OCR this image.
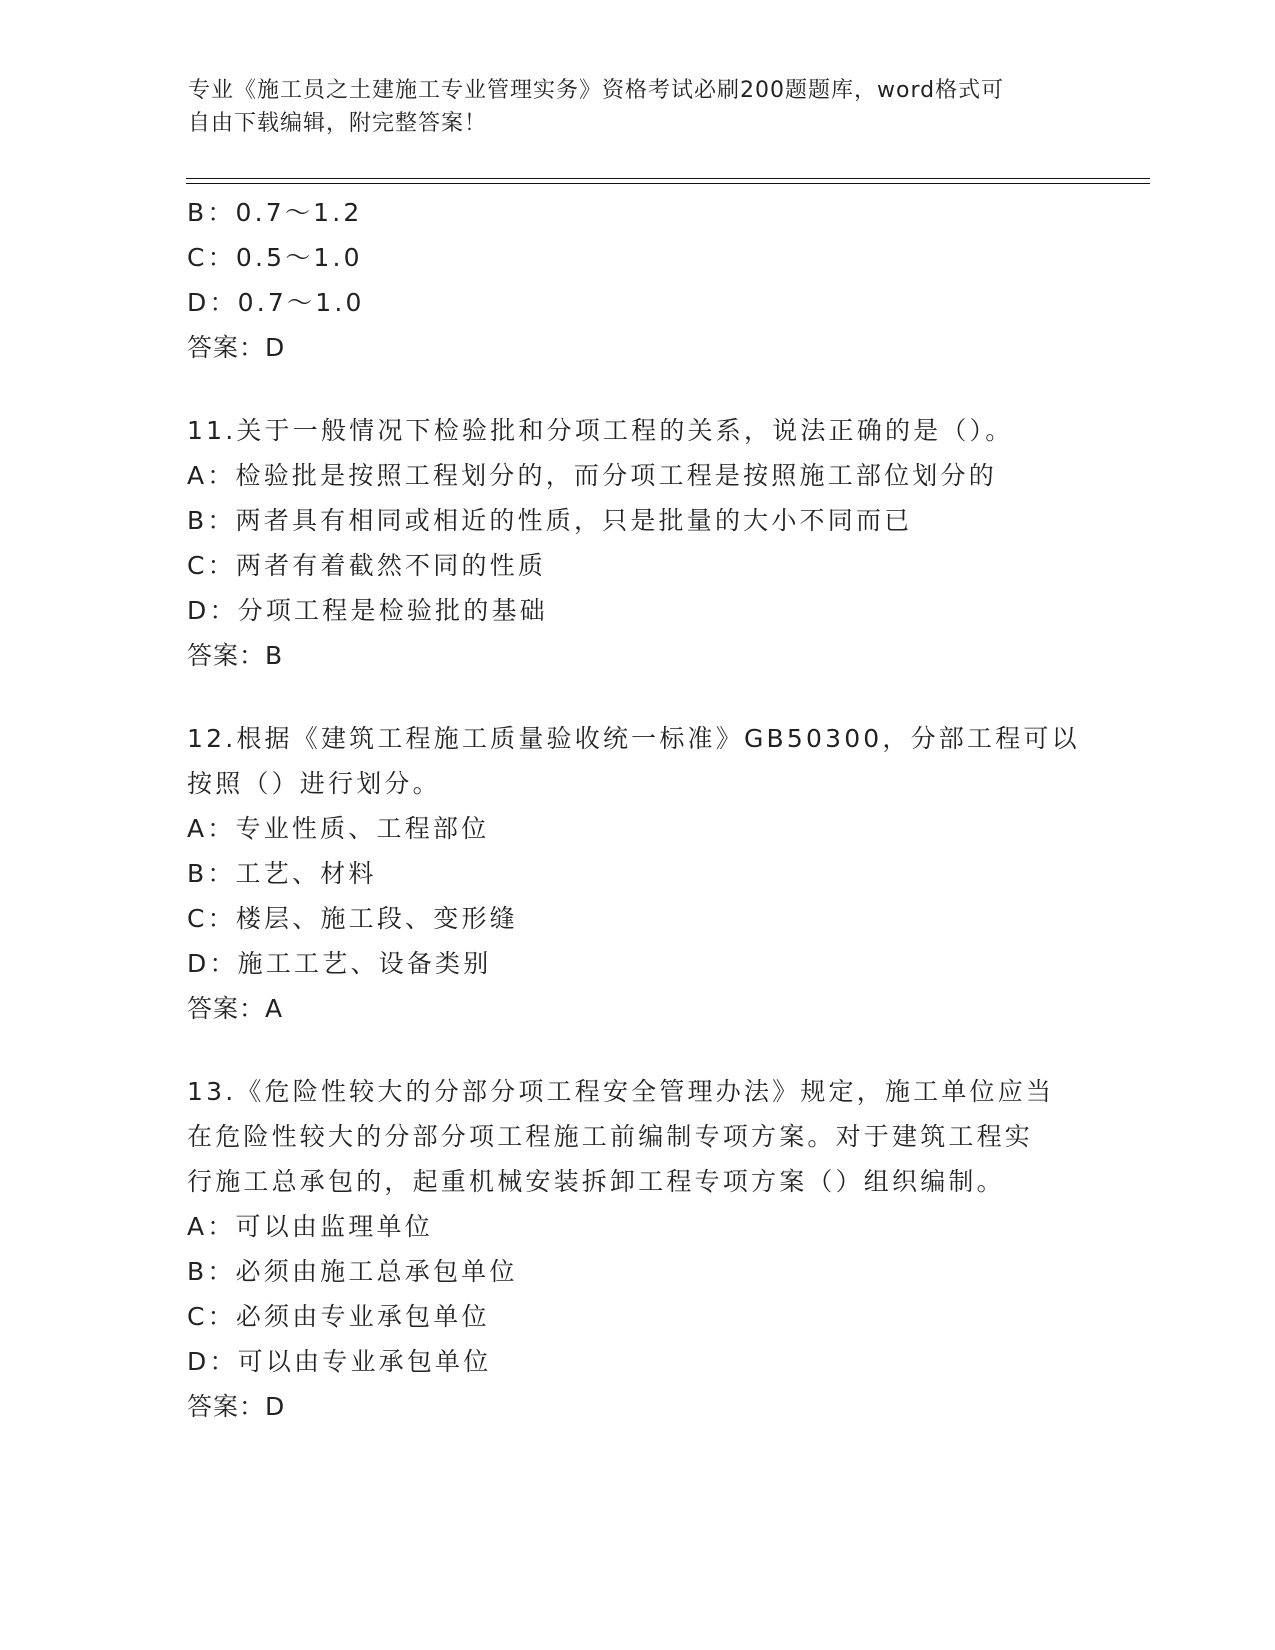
专业《施工员之土建施工专业管理实务》资格考试必刷200题题库，word格式可
自由下载编辑，附完整答案！
B：0.7～1.2
C：0.5～1.0
D：0.7～1.0
答案：D
11.关于一般情况下检验批和分项工程的关系，说法正确的是（）。
A：检验批是按照工程划分的，而分项工程是按照施工部位划分的
B：两者具有相同或相近的性质，只是批量的大小不同而已
C：两者有着截然不同的性质
D：分项工程是检验批的基础
答案：B
12.根据《建筑工程施工质量验收统一标准》GB50300，分部工程可以
按照（）进行划分。
A：专业性质、工程部位
B：工艺、材料
C：楼层、施工段、变形缝
D：施工工艺、设备类别
答案：A
13.《危险性较大的分部分项工程安全管理办法》规定，施工单位应当
在危险性较大的分部分项工程施工前编制专项方案。对于建筑工程实
行施工总承包的，起重机械安装拆卸工程专项方案（）组织编制。
A：可以由监理单位
B：必须由施工总承包单位
C：必须由专业承包单位
D：可以由专业承包单位
答案：D
